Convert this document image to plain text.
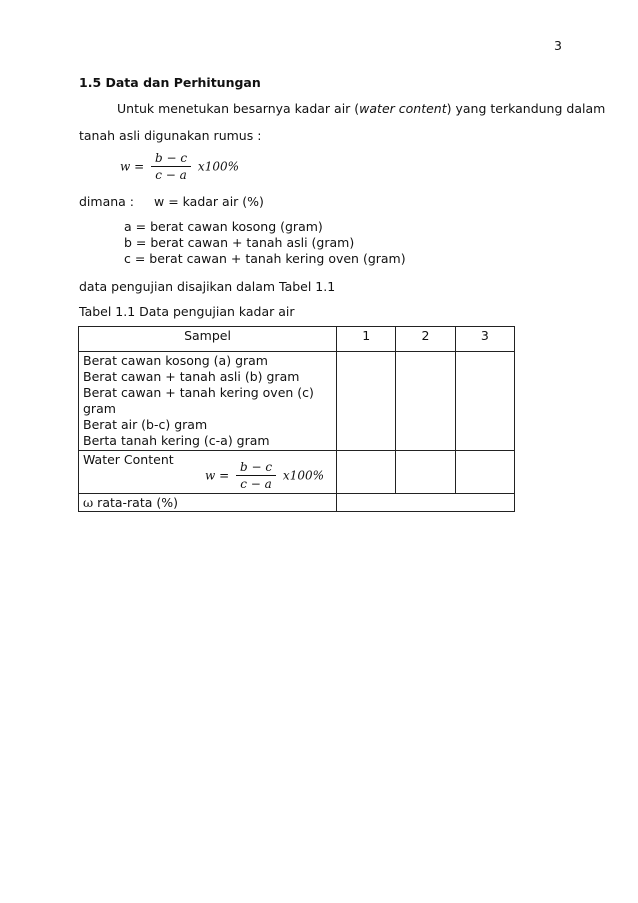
3
1.5 Data dan Perhitungan
Untuk menetukan besarnya kadar air (water content) yang terkandung dalam
tanah asli digunakan rumus :
$w = \frac{b - c}{c - a} x100\%$
dimana : w = kadar air (%)
a = berat cawan kosong (gram)
b = berat cawan + tanah asli (gram)
c = berat cawan + tanah kering oven (gram)
data pengujian disajikan dalam Tabel 1.1
Tabel 1.1 Data pengujian kadar air
Sampel	1	2	3

Berat cawan kosong (a) gram
Berat cawan + tanah asli (b) gram
Berat cawan + tanah kering oven (c) gram
Berat air (b-c) gram
Berta tanah kering (c-a) gram			

Water Content
$w = \frac{b - c}{c - a} x100\%$			

ω rata-rata (%)			
